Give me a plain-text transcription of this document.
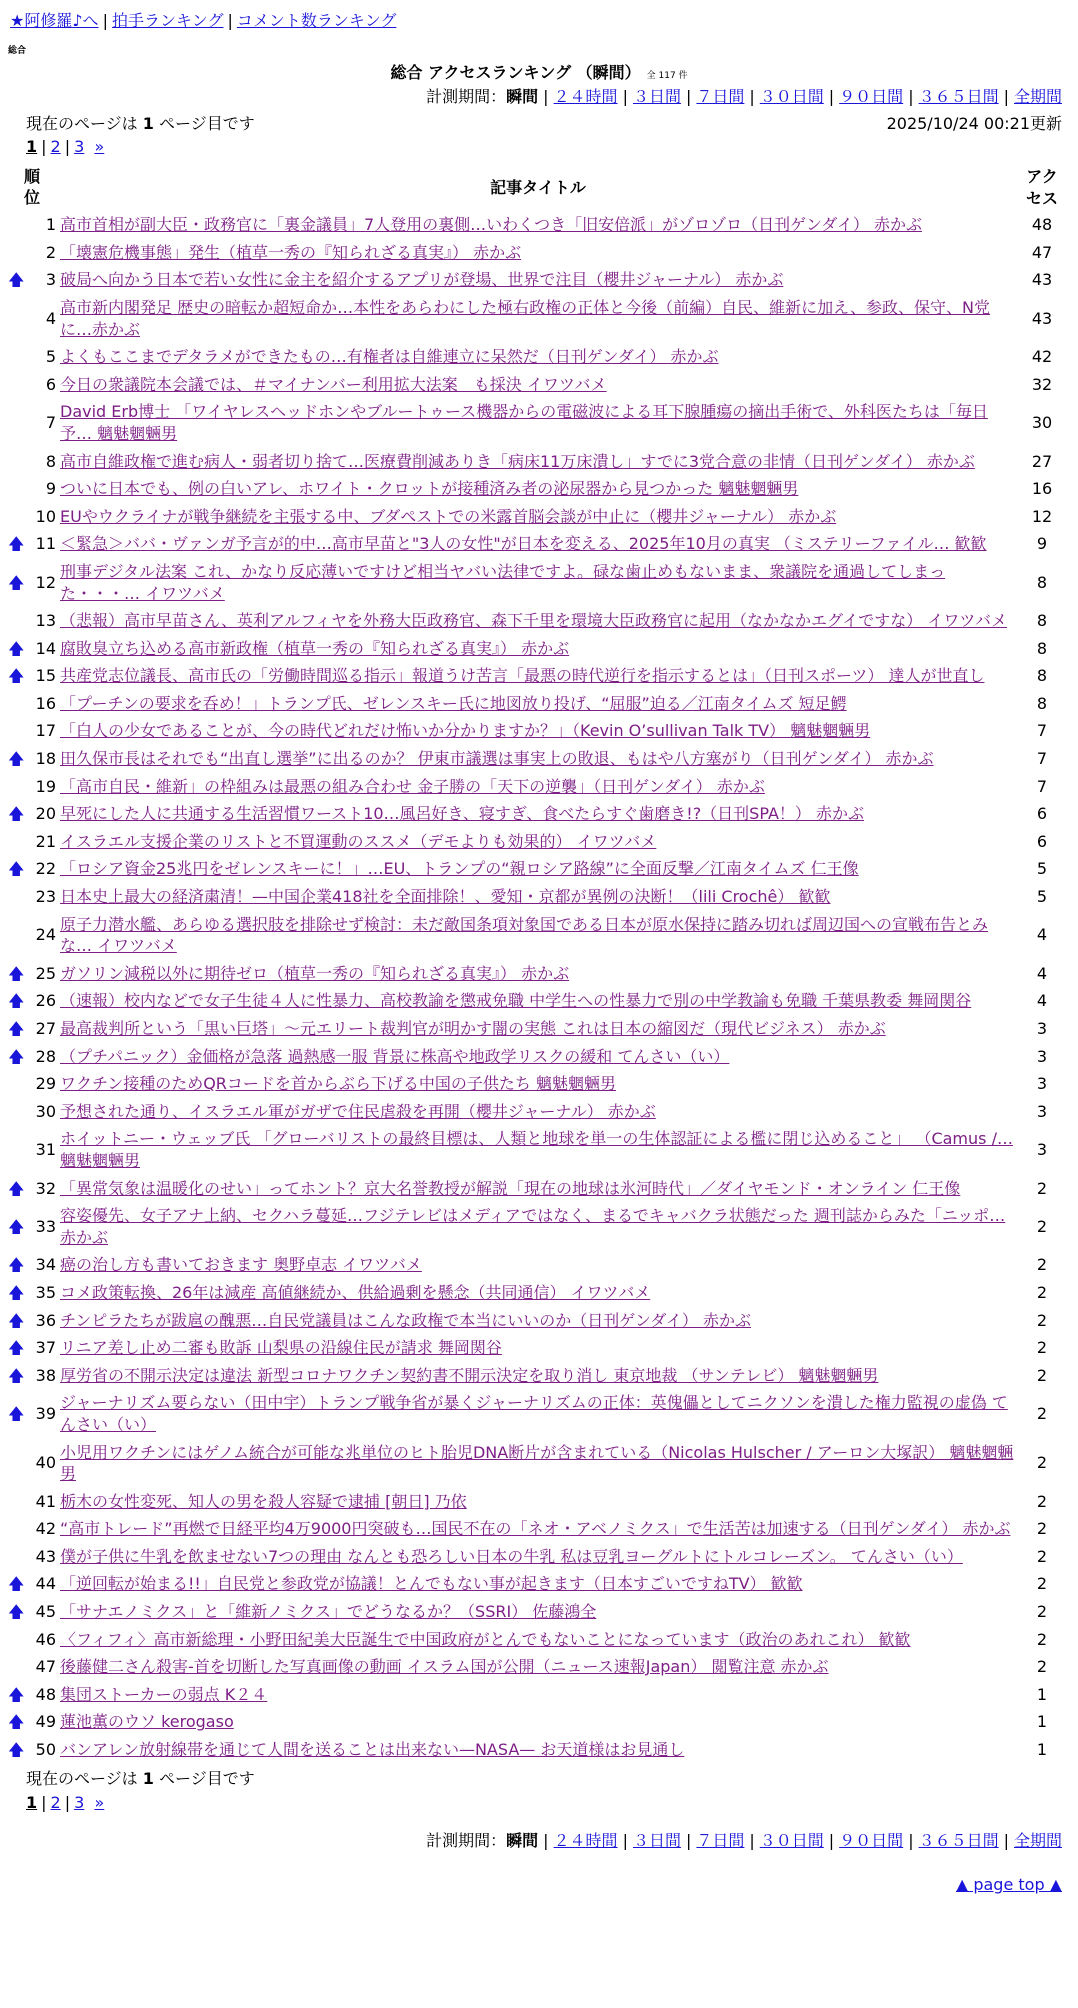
★阿修羅♪へ | 拍手ランキング | コメント数ランキング
総合
総合 アクセスランキング （瞬間） 全 117 件
計測期間：瞬間 | ２４時間 | ３日間 | ７日間 | ３０日間 | ９０日間 | ３６５日間 | 全期間
現在のページは 1 ページ目です	2025/10/24 00:21更新
1 | 2 | 3 »
順位		記事タイトル	アクセス
	1	高市首相が副大臣・政務官に「裏金議員」7人登用の裏側…いわくつき「旧安倍派」がゾロゾロ（日刊ゲンダイ） 赤かぶ	48
	2	「壊憲危機事態」発生（植草一秀の『知られざる真実』） 赤かぶ	47
🡅	3	破局へ向かう日本で若い女性に金主を紹介するアプリが登場、世界で注目（櫻井ジャーナル） 赤かぶ	43
	4	高市新内閣発足 歴史の暗転か超短命か…本性をあらわにした極右政権の正体と今後（前編）自民、維新に加え、参政、保守、N党に…赤かぶ	43
	5	よくもここまでデタラメができたもの…有権者は自維連立に呆然だ（日刊ゲンダイ） 赤かぶ	42
	6	今日の衆議院本会議では、＃マイナンバー利用拡大法案　も採決 イワツバメ	32
	7	David Erb博士 「ワイヤレスヘッドホンやブルートゥース機器からの電磁波による耳下腺腫瘍の摘出手術で、外科医たちは「毎日予… 魑魅魍魎男	30
	8	高市自維政権で進む病人・弱者切り捨て…医療費削減ありき「病床11万床潰し」すでに3党合意の非情（日刊ゲンダイ） 赤かぶ	27
	9	ついに日本でも、例の白いアレ、ホワイト・クロットが接種済み者の泌尿器から見つかった 魑魅魍魎男	16
	10	EUやウクライナが戦争継続を主張する中、ブダペストでの米露首脳会談が中止に（櫻井ジャーナル） 赤かぶ	12
🡅	11	＜緊急＞ババ・ヴァンガ予言が的中…高市早苗と"3人の女性"が日本を変える、2025年10月の真実 （ミステリーファイル… 歓歓	9
🡅	12	刑事デジタル法案 これ、かなり反応薄いですけど相当ヤバい法律ですよ。碌な歯止めもないまま、衆議院を通過してしまった・・・… イワツバメ	8
	13	（悲報）高市早苗さん、英利アルフィヤを外務大臣政務官、森下千里を環境大臣政務官に起用（なかなかエグイですな） イワツバメ	8
🡅	14	腐敗臭立ち込める高市新政権（植草一秀の『知られざる真実』） 赤かぶ	8
🡅	15	共産党志位議長、高市氏の「労働時間巡る指示」報道うけ苦言「最悪の時代逆行を指示するとは」（日刊スポーツ） 達人が世直し	8
	16	「プーチンの要求を呑め！」トランプ氏、ゼレンスキー氏に地図放り投げ、“屈服”迫る／江南タイムズ 短足鰐	8
	17	「白人の少女であることが、今の時代どれだけ怖いか分かりますか？」（Kevin O’sullivan Talk TV） 魑魅魍魎男	7
🡅	18	田久保市長はそれでも“出直し選挙”に出るのか？ 伊東市議選は事実上の敗退、もはや八方塞がり（日刊ゲンダイ） 赤かぶ	7
	19	「高市自民・維新」の枠組みは最悪の組み合わせ 金子勝の「天下の逆襲」（日刊ゲンダイ） 赤かぶ	7
🡅	20	早死にした人に共通する生活習慣ワースト10…風呂好き、寝すぎ、食べたらすぐ歯磨き!?（日刊SPA！） 赤かぶ	6
	21	イスラエル支援企業のリストと不買運動のススメ（デモよりも効果的） イワツバメ	6
🡅	22	「ロシア資金25兆円をゼレンスキーに！」…EU、トランプの“親ロシア路線”に全面反撃／江南タイムズ 仁王像	5
	23	日本史上最大の経済粛清！—中国企業418社を全面排除！、愛知・京都が異例の決断！（lili Crochê） 歓歓	5
	24	原子力潜水艦、あらゆる選択肢を排除せず検討：未だ敵国条項対象国である日本が原水保持に踏み切れば周辺国への宣戦布告とみな… イワツバメ	4
🡅	25	ガソリン減税以外に期待ゼロ（植草一秀の『知られざる真実』） 赤かぶ	4
🡅	26	（速報）校内などで女子生徒４人に性暴力、高校教諭を懲戒免職 中学生への性暴力で別の中学教諭も免職 千葉県教委 舞岡関谷	4
🡅	27	最高裁判所という「黒い巨塔」～元エリート裁判官が明かす闇の実態 これは日本の縮図だ（現代ビジネス） 赤かぶ	3
🡅	28	（プチパニック）金価格が急落 過熱感一服 背景に株高や地政学リスクの緩和 てんさい（い）	3
	29	ワクチン接種のためQRコードを首からぶら下げる中国の子供たち 魑魅魍魎男	3
	30	予想された通り、イスラエル軍がガザで住民虐殺を再開（櫻井ジャーナル） 赤かぶ	3
	31	ホイットニー・ウェッブ氏 「グローバリストの最終目標は、人類と地球を単一の生体認証による檻に閉じ込めること」 （Camus /… 魑魅魍魎男	3
🡅	32	「異常気象は温暖化のせい」ってホント？京大名誉教授が解説「現在の地球は氷河時代」／ダイヤモンド・オンライン 仁王像	2
🡅	33	容姿優先、女子アナ上納、セクハラ蔓延…フジテレビはメディアではなく、まるでキャバクラ状態だった 週刊誌からみた「ニッポ… 赤かぶ	2
🡅	34	癌の治し方も書いておきます 奥野卓志 イワツバメ	2
🡅	35	コメ政策転換、26年は減産 高値継続か、供給過剰を懸念（共同通信） イワツバメ	2
🡅	36	チンピラたちが跋扈の醜悪…自民党議員はこんな政権で本当にいいのか（日刊ゲンダイ） 赤かぶ	2
🡅	37	リニア差し止め二審も敗訴 山梨県の沿線住民が請求 舞岡関谷	2
🡅	38	厚労省の不開示決定は違法 新型コロナワクチン契約書不開示決定を取り消し 東京地裁 （サンテレビ） 魑魅魍魎男	2
🡅	39	ジャーナリズム要らない（田中宇）トランプ戦争省が暴くジャーナリズムの正体：英傀儡としてニクソンを潰した権力監視の虚偽 てんさい（い）	2
	40	小児用ワクチンにはゲノム統合が可能な兆単位のヒト胎児DNA断片が含まれている（Nicolas Hulscher / アーロン大塚訳） 魑魅魍魎男	2
	41	栃木の女性変死、知人の男を殺人容疑で逮捕 [朝日] 乃依	2
	42	“高市トレード”再燃で日経平均4万9000円突破も…国民不在の「ネオ・アベノミクス」で生活苦は加速する（日刊ゲンダイ） 赤かぶ	2
	43	僕が子供に牛乳を飲ませない7つの理由 なんとも恐ろしい日本の牛乳 私は豆乳ヨーグルトにトルコレーズン。 てんさい（い）	2
🡅	44	「逆回転が始まる!!」自民党と参政党が協議！とんでもない事が起きます（日本すごいですねTV） 歓歓	2
🡅	45	「サナエノミクス」と「維新ノミクス」でどうなるか？（SSRI） 佐藤鴻全	2
	46	〈フィフィ〉高市新総理・小野田紀美大臣誕生で中国政府がとんでもないことになっています（政治のあれこれ） 歓歓	2
	47	後藤健二さん殺害-首を切断した写真画像の動画 イスラム国が公開（ニュース速報Japan） 閲覧注意 赤かぶ	2
🡅	48	集団ストーカーの弱点 K２４	1
🡅	49	蓮池薫のウソ kerogaso	1
🡅	50	バンアレン放射線帯を通じて人間を送ることは出来ない—NASA— お天道様はお見通し	1
現在のページは 1 ページ目です
1 | 2 | 3 »
計測期間：瞬間 | ２４時間 | ３日間 | ７日間 | ３０日間 | ９０日間 | ３６５日間 | 全期間
▲ page top ▲
